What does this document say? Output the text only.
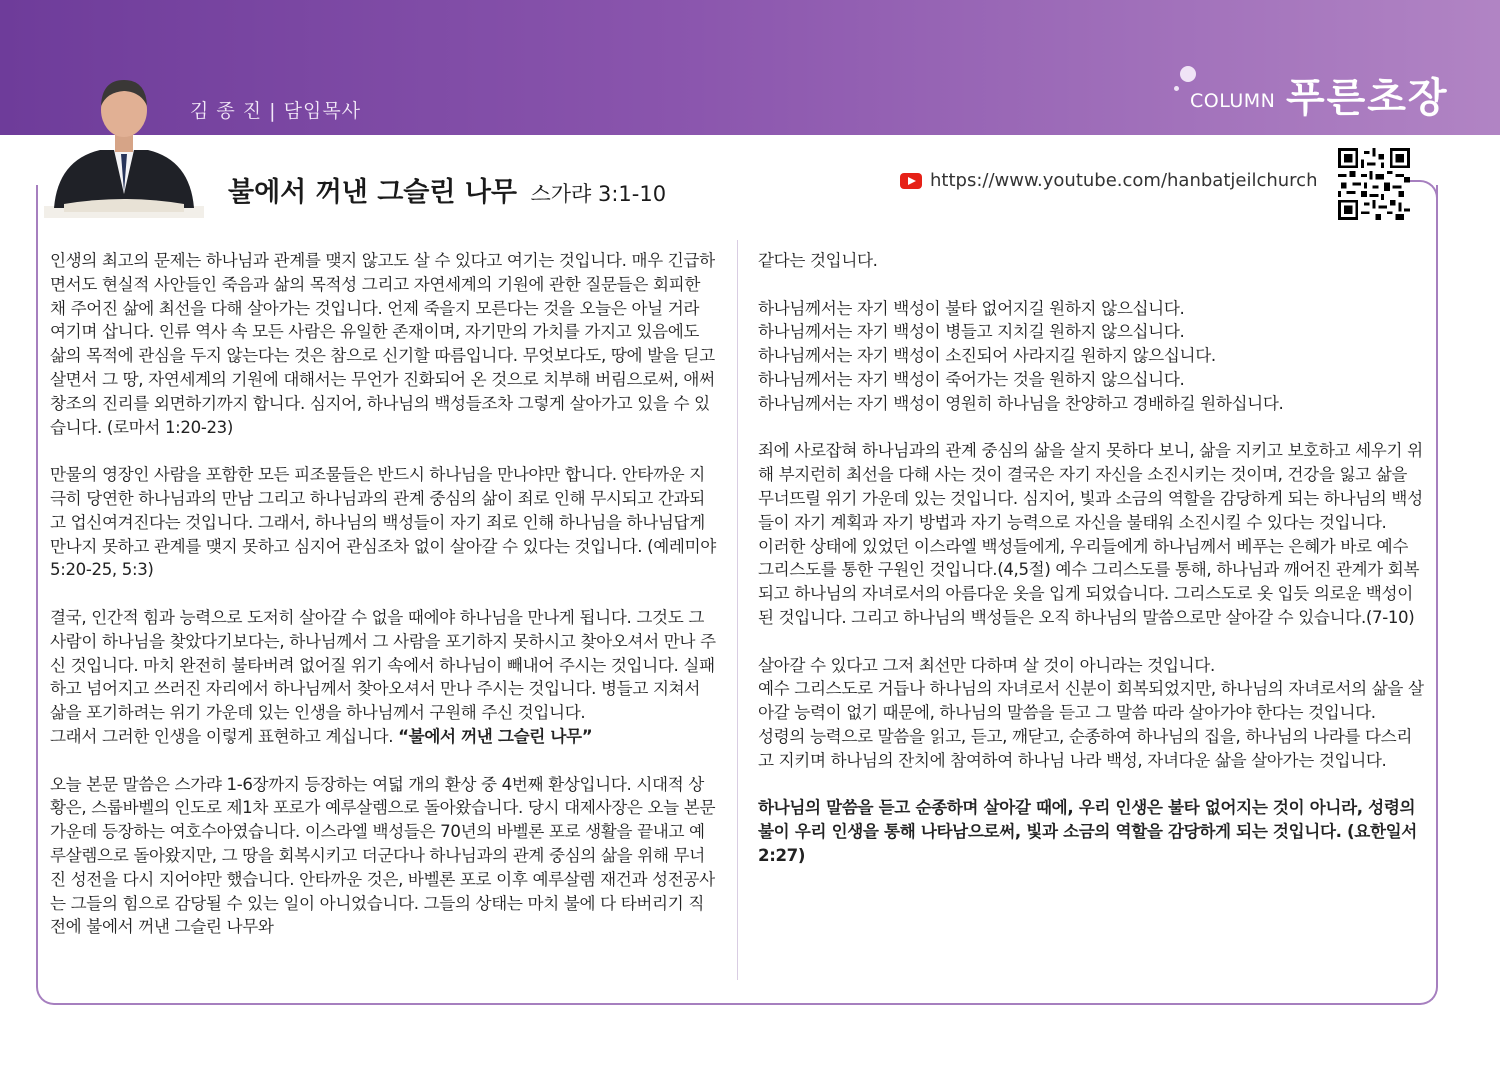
김 종 진 | 담임목사	COLUMN 푸른초장
불에서 꺼낸 그슬린 나무 스가랴 3:1-10
https://www.youtube.com/hanbatjeilchurch

인생의 최고의 문제는 하나님과 관계를 맺지 않고도 살 수 있다고 여기는 것입니다. 매우 긴급하면서도 현실적 사안들인 죽음과 삶의 목적성 그리고 자연세계의 기원에 관한 질문들은 회피한 채 주어진 삶에 최선을 다해 살아가는 것입니다. 언제 죽을지 모른다는 것을 오늘은 아닐 거라 여기며 삽니다. 인류 역사 속 모든 사람은 유일한 존재이며, 자기만의 가치를 가지고 있음에도 삶의 목적에 관심을 두지 않는다는 것은 참으로 신기할 따름입니다. 무엇보다도, 땅에 발을 딛고 살면서 그 땅, 자연세계의 기원에 대해서는 무언가 진화되어 온 것으로 치부해 버림으로써, 애써 창조의 진리를 외면하기까지 합니다. 심지어, 하나님의 백성들조차 그렇게 살아가고 있을 수 있습니다. (로마서 1:20-23)

만물의 영장인 사람을 포함한 모든 피조물들은 반드시 하나님을 만나야만 합니다. 안타까운 지극히 당연한 하나님과의 만남 그리고 하나님과의 관계 중심의 삶이 죄로 인해 무시되고 간과되고 업신여겨진다는 것입니다. 그래서, 하나님의 백성들이 자기 죄로 인해 하나님을 하나님답게 만나지 못하고 관계를 맺지 못하고 심지어 관심조차 없이 살아갈 수 있다는 것입니다. (예레미야 5:20-25, 5:3)

결국, 인간적 힘과 능력으로 도저히 살아갈 수 없을 때에야 하나님을 만나게 됩니다. 그것도 그 사람이 하나님을 찾았다기보다는, 하나님께서 그 사람을 포기하지 못하시고 찾아오셔서 만나 주신 것입니다. 마치 완전히 불타버려 없어질 위기 속에서 하나님이 빼내어 주시는 것입니다. 실패하고 넘어지고 쓰러진 자리에서 하나님께서 찾아오셔서 만나 주시는 것입니다. 병들고 지쳐서 삶을 포기하려는 위기 가운데 있는 인생을 하나님께서 구원해 주신 것입니다.

그래서 그러한 인생을 이렇게 표현하고 계십니다. “불에서 꺼낸 그슬린 나무”

오늘 본문 말씀은 스가랴 1-6장까지 등장하는 여덟 개의 환상 중 4번째 환상입니다. 시대적 상황은, 스룹바벨의 인도로 제1차 포로가 예루살렘으로 돌아왔습니다. 당시 대제사장은 오늘 본문 가운데 등장하는 여호수아였습니다. 이스라엘 백성들은 70년의 바벨론 포로 생활을 끝내고 예루살렘으로 돌아왔지만, 그 땅을 회복시키고 더군다나 하나님과의 관계 중심의 삶을 위해 무너진 성전을 다시 지어야만 했습니다. 안타까운 것은, 바벨론 포로 이후 예루살렘 재건과 성전공사는 그들의 힘으로 감당될 수 있는 일이 아니었습니다. 그들의 상태는 마치 불에 다 타버리기 직전에 불에서 꺼낸 그슬린 나무와

같다는 것입니다.

하나님께서는 자기 백성이 불타 없어지길 원하지 않으십니다.

하나님께서는 자기 백성이 병들고 지치길 원하지 않으십니다.

하나님께서는 자기 백성이 소진되어 사라지길 원하지 않으십니다.

하나님께서는 자기 백성이 죽어가는 것을 원하지 않으십니다.

하나님께서는 자기 백성이 영원히 하나님을 찬양하고 경배하길 원하십니다.

죄에 사로잡혀 하나님과의 관계 중심의 삶을 살지 못하다 보니, 삶을 지키고 보호하고 세우기 위해 부지런히 최선을 다해 사는 것이 결국은 자기 자신을 소진시키는 것이며, 건강을 잃고 삶을 무너뜨릴 위기 가운데 있는 것입니다. 심지어, 빛과 소금의 역할을 감당하게 되는 하나님의 백성들이 자기 계획과 자기 방법과 자기 능력으로 자신을 불태워 소진시킬 수 있다는 것입니다.

이러한 상태에 있었던 이스라엘 백성들에게, 우리들에게 하나님께서 베푸는 은혜가 바로 예수 그리스도를 통한 구원인 것입니다.(4,5절) 예수 그리스도를 통해, 하나님과 깨어진 관계가 회복되고 하나님의 자녀로서의 아름다운 옷을 입게 되었습니다. 그리스도로 옷 입듯 의로운 백성이 된 것입니다. 그리고 하나님의 백성들은 오직 하나님의 말씀으로만 살아갈 수 있습니다.(7-10)

살아갈 수 있다고 그저 최선만 다하며 살 것이 아니라는 것입니다.

예수 그리스도로 거듭나 하나님의 자녀로서 신분이 회복되었지만, 하나님의 자녀로서의 삶을 살아갈 능력이 없기 때문에, 하나님의 말씀을 듣고 그 말씀 따라 살아가야 한다는 것입니다.

성령의 능력으로 말씀을 읽고, 듣고, 깨닫고, 순종하여 하나님의 집을, 하나님의 나라를 다스리고 지키며 하나님의 잔치에 참여하여 하나님 나라 백성, 자녀다운 삶을 살아가는 것입니다.

하나님의 말씀을 듣고 순종하며 살아갈 때에, 우리 인생은 불타 없어지는 것이 아니라, 성령의 불이 우리 인생을 통해 나타남으로써, 빛과 소금의 역할을 감당하게 되는 것입니다. (요한일서 2:27)
